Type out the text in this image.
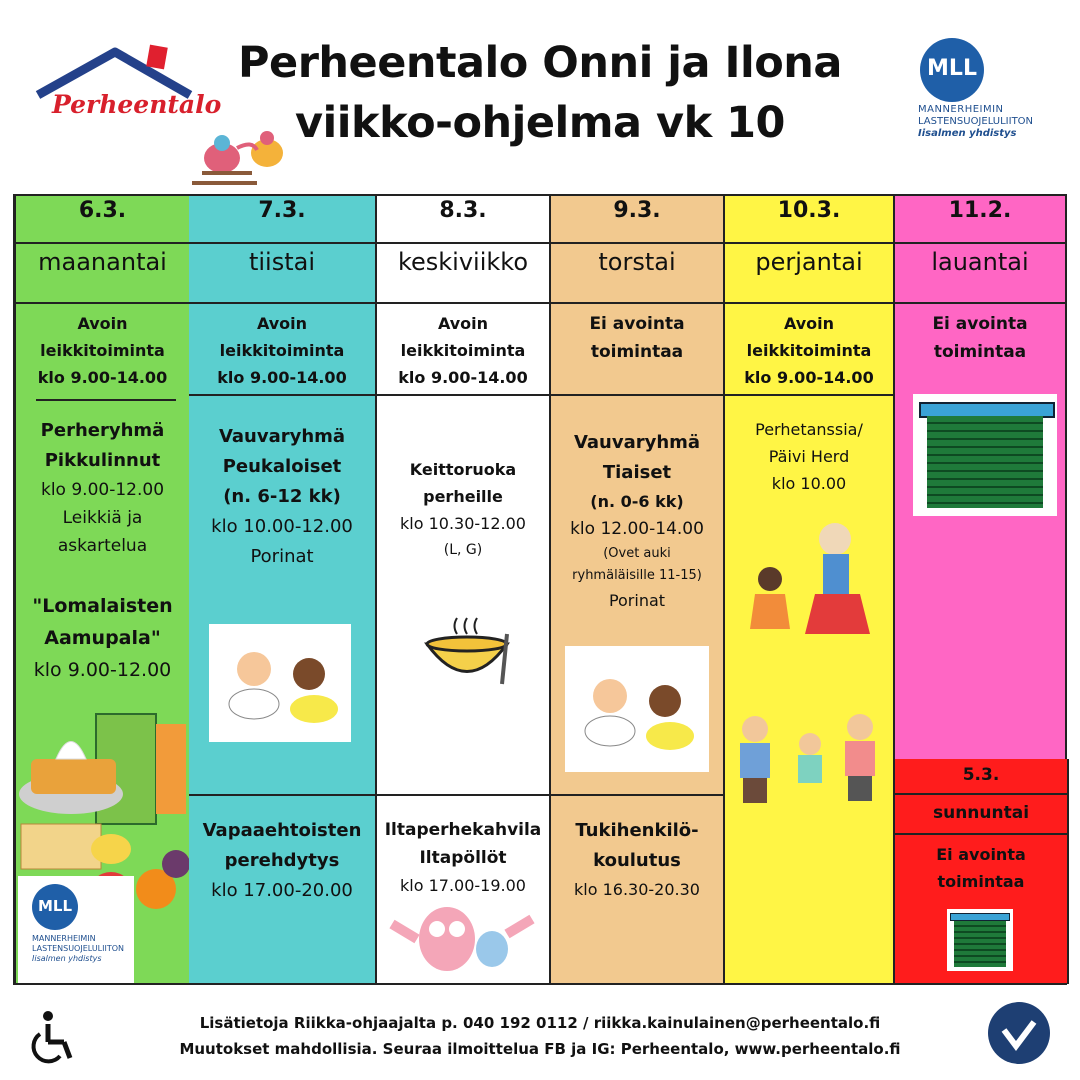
Perheentalo
Perheentalo Onni ja Ilona
viikko-ohjelma vk 10
MLL
MANNERHEIMIN
LASTENSUOJELULIITON
Iisalmen yhdistys
6.3.
maanantai
Avoin
leikkitoiminta
klo 9.00-14.00
Perheryhmä
Pikkulinnut
klo 9.00-12.00
Leikkiä ja
askartelua
"Lomalaisten
Aamupala"
klo 9.00-12.00
MLL
MANNERHEIMIN
LASTENSUOJELULIITON
Iisalmen yhdistys
7.3.
tiistai
Avoin
leikkitoiminta
klo 9.00-14.00
Vauvaryhmä
Peukaloiset
(n. 6-12 kk)
klo 10.00-12.00
Porinat
Vapaaehtoisten
perehdytys
klo 17.00-20.00
8.3.
keskiviikko
Avoin
leikkitoiminta
klo 9.00-14.00
Keittoruoka
perheille
klo 10.30-12.00
(L, G)
Iltaperhekahvila
Iltapöllöt
klo 17.00-19.00
9.3.
torstai
Ei avointa
toimintaa
Vauvaryhmä
Tiaiset
(n. 0-6 kk)
klo 12.00-14.00
(Ovet auki
ryhmäläisille 11-15)
Porinat
Tukihenkilö-
koulutus
klo 16.30-20.30
10.3.
perjantai
Avoin
leikkitoiminta
klo 9.00-14.00
Perhetanssia/
Päivi Herd
klo 10.00
11.2.
lauantai
Ei avointa
toimintaa
5.3.
sunnuntai
Ei avointa
toimintaa
Lisätietoja Riikka-ohjaajalta p. 040 192 0112 / riikka.kainulainen@perheentalo.fi
Muutokset mahdollisia. Seuraa ilmoittelua FB ja IG: Perheentalo, www.perheentalo.fi
